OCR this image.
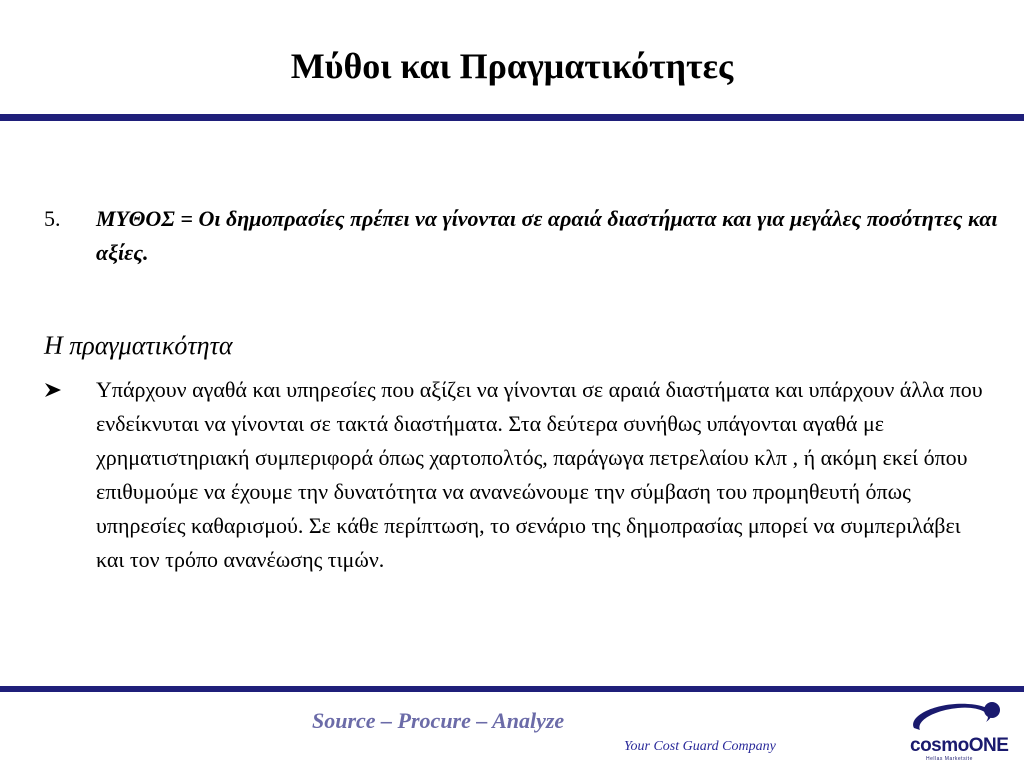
Μύθοι και Πραγματικότητες
5. ΜΥΘΟΣ = Οι δημοπρασίες πρέπει να γίνονται σε αραιά διαστήματα και για μεγάλες ποσότητες και αξίες.
Η πραγματικότητα
Υπάρχουν αγαθά και υπηρεσίες που αξίζει να γίνονται σε αραιά διαστήματα και υπάρχουν άλλα που ενδείκνυται να γίνονται σε τακτά διαστήματα. Στα δεύτερα συνήθως υπάγονται αγαθά με χρηματιστηριακή συμπεριφορά όπως χαρτοπολτός, παράγωγα πετρελαίου κλπ , ή ακόμη εκεί όπου επιθυμούμε να έχουμε την δυνατότητα να ανανεώνουμε την σύμβαση του προμηθευτή όπως υπηρεσίες καθαρισμού. Σε κάθε περίπτωση, το σενάριο της δημοπρασίας μπορεί να συμπεριλάβει και τον τρόπο ανανέωσης τιμών.
Source – Procure – Analyze
Your Cost Guard Company	cosmoONE
Hellas Marketsite
